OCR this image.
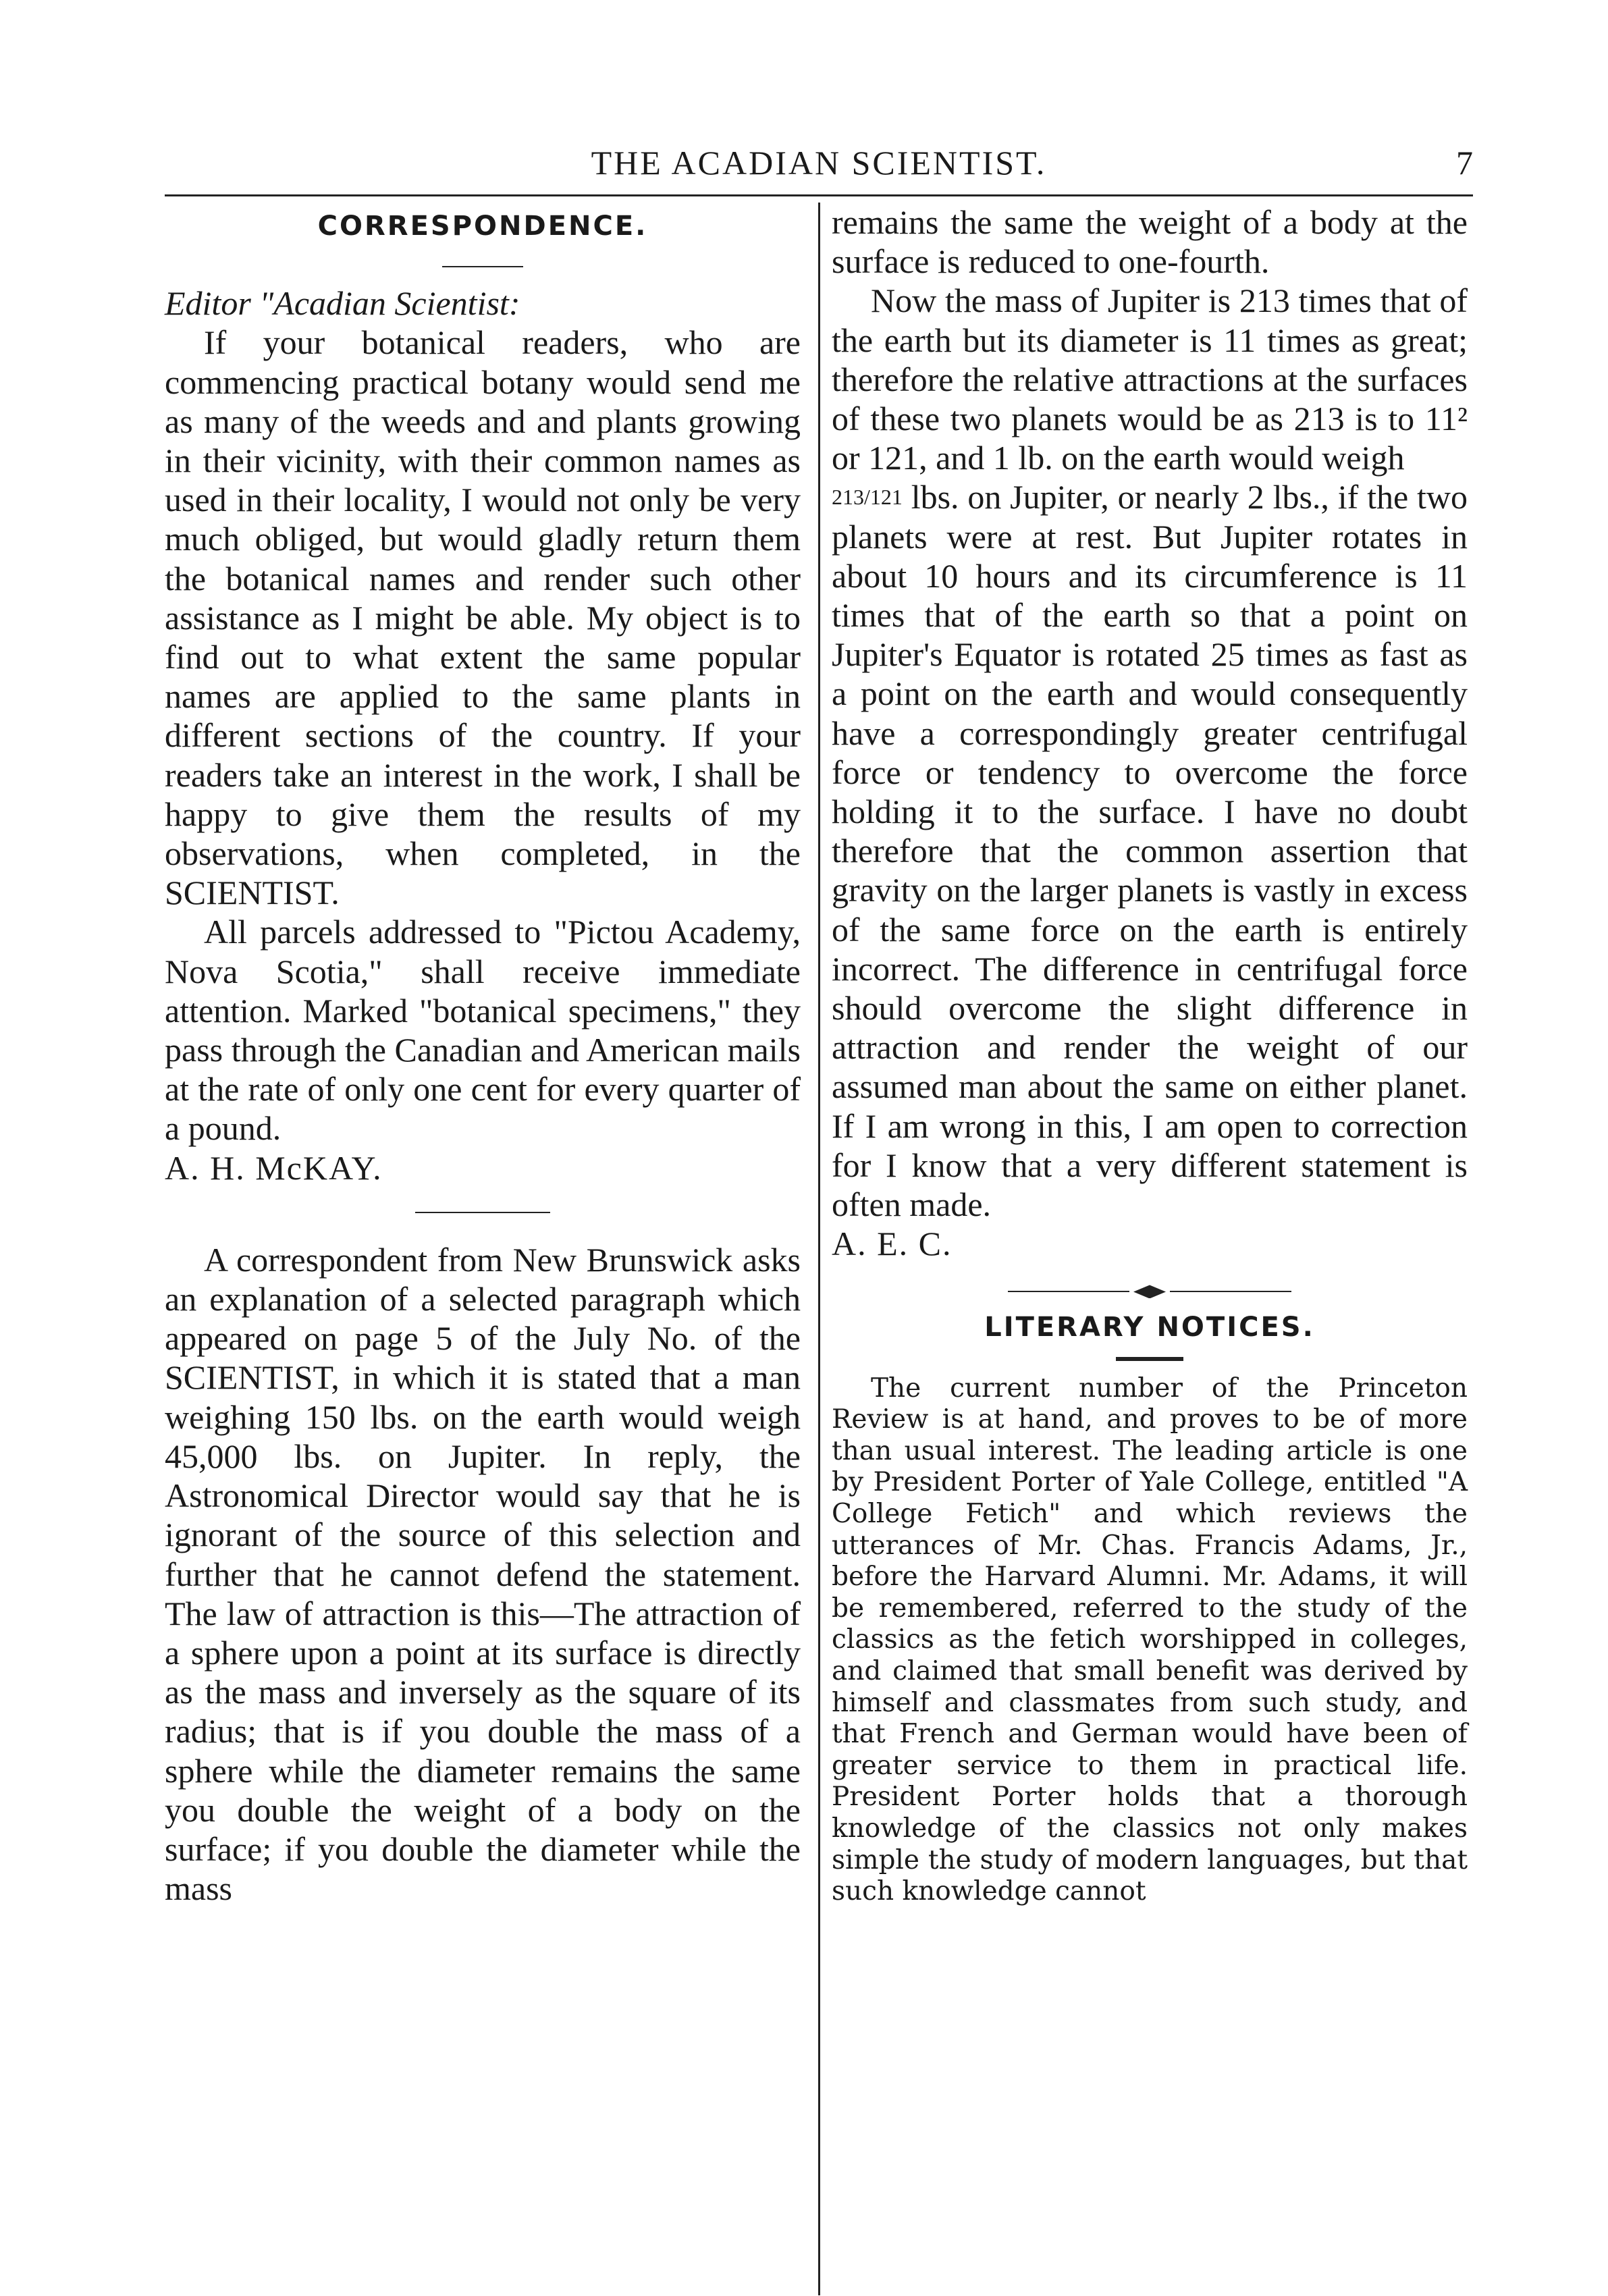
THE ACADIAN SCIENTIST.	7
CORRESPONDENCE.

Editor "Acadian Scientist:

If your botanical readers, who are commencing practical botany would send me as many of the weeds and and plants growing in their vicinity, with their common names as used in their locality, I would not only be very much obliged, but would gladly return them the botanical names and render such other assistance as I might be able. My object is to find out to what extent the same popular names are applied to the same plants in different sections of the country. If your readers take an interest in the work, I shall be happy to give them the results of my observations, when completed, in the SCIENTIST.

All parcels addressed to "Pictou Academy, Nova Scotia," shall receive immediate attention. Marked "botanical specimens," they pass through the Canadian and American mails at the rate of only one cent for every quarter of a pound.

A. H. McKAY.

A correspondent from New Brunswick asks an explanation of a selected paragraph which appeared on page 5 of the July No. of the SCIENTIST, in which it is stated that a man weighing 150 lbs. on the earth would weigh 45,000 lbs. on Jupiter. In reply, the Astronomical Director would say that he is ignorant of the source of this selection and further that he cannot defend the statement. The law of attraction is this—The attraction of a sphere upon a point at its surface is directly as the mass and inversely as the square of its radius; that is if you double the mass of a sphere while the diameter remains the same you double the weight of a body on the surface; if you double the diameter while the mass

remains the same the weight of a body at the surface is reduced to one-fourth.

Now the mass of Jupiter is 213 times that of the earth but its diameter is 11 times as great; therefore the relative attractions at the surfaces of these two planets would be as 213 is to 11² or 121, and 1 lb. on the earth would weigh

$^{213/121}$ lbs. on Jupiter, or nearly 2 lbs., if the two planets were at rest. But Jupiter rotates in about 10 hours and its circumference is 11 times that of the earth so that a point on Jupiter's Equator is rotated 25 times as fast as a point on the earth and would consequently have a correspondingly greater centrifugal force or tendency to overcome the force holding it to the surface. I have no doubt therefore that the common assertion that gravity on the larger planets is vastly in excess of the same force on the earth is entirely incorrect. The difference in centrifugal force should overcome the slight difference in attraction and render the weight of our assumed man about the same on either planet. If I am wrong in this, I am open to correction for I know that a very different statement is often made.

A. E. C.

LITERARY NOTICES.

The current number of the Princeton Review is at hand, and proves to be of more than usual interest. The leading article is one by President Porter of Yale College, entitled "A College Fetich" and which reviews the utterances of Mr. Chas. Francis Adams, Jr., before the Harvard Alumni. Mr. Adams, it will be remembered, referred to the study of the classics as the fetich worshipped in colleges, and claimed that small benefit was derived by himself and classmates from such study, and that French and German would have been of greater service to them in practical life. President Porter holds that a thorough knowledge of the classics not only makes simple the study of modern languages, but that such knowledge cannot
